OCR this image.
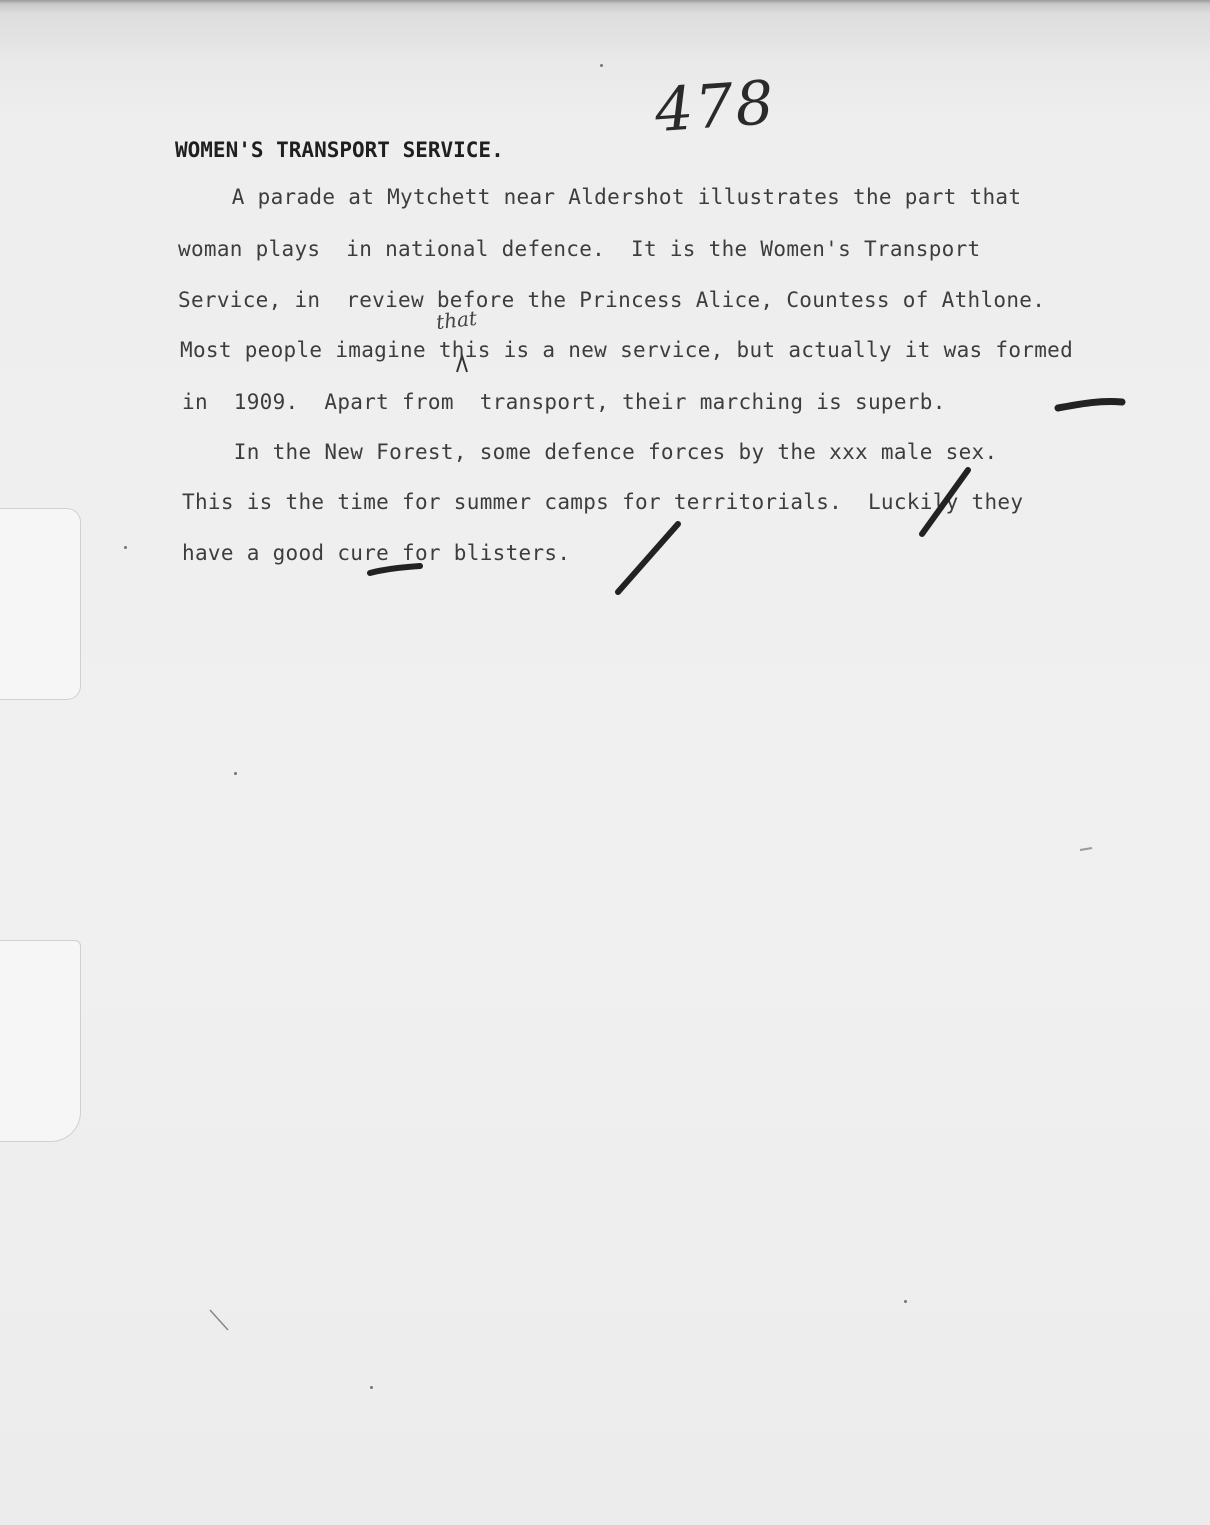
478
WOMEN'S TRANSPORT SERVICE.
A parade at Mytchett near Aldershot illustrates the part that
woman plays  in national defence.  It is the Women's Transport
Service, in  review before the Princess Alice, Countess of Athlone.
Most people imagine this is a new service, but actually it was formed
in  1909.  Apart from  transport, their marching is superb.
In the New Forest, some defence forces by the xxx male sex.
This is the time for summer camps for territorials.  Luckily they
have a good cure for blisters.
that
